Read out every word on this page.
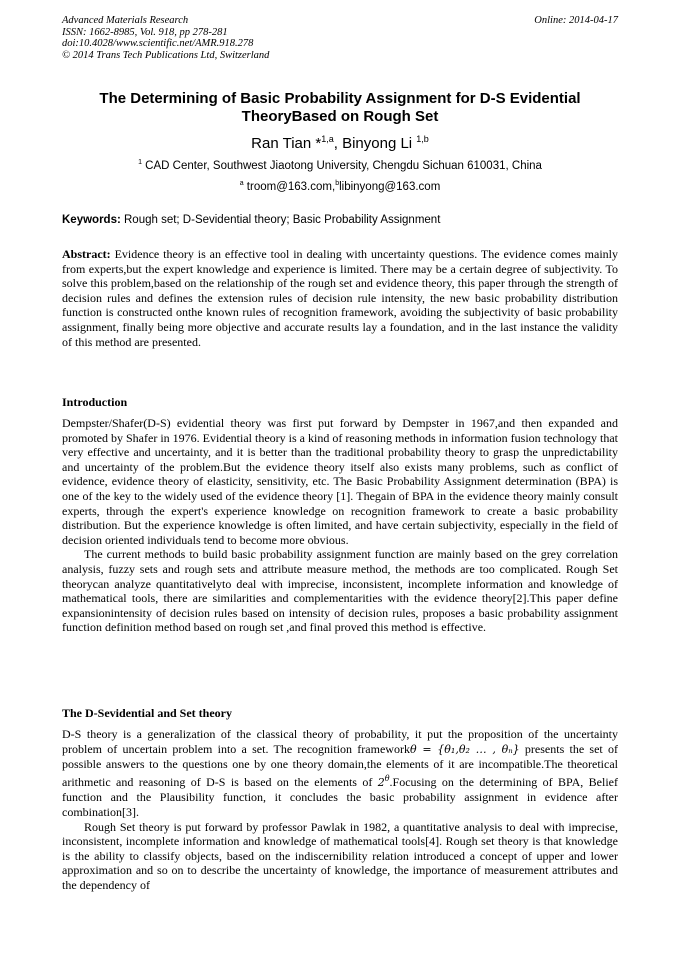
Advanced Materials Research
ISSN: 1662-8985, Vol. 918, pp 278-281
doi:10.4028/www.scientific.net/AMR.918.278
© 2014 Trans Tech Publications Ltd, Switzerland
Online: 2014-04-17
The Determining of Basic Probability Assignment for D-S Evidential
TheoryBased on Rough Set
Ran Tian *$^{1,a}$, Binyong Li $^{1,b}$
$^1$ CAD Center, Southwest Jiaotong University, Chengdu Sichuan 610031, China
$^a$ troom@163.com,$^b$libinyong@163.com
Keywords: Rough set; D-Sevidential theory; Basic Probability Assignment
Abstract: Evidence theory is an effective tool in dealing with uncertainty questions. The evidence comes mainly from experts,but the expert knowledge and experience is limited. There may be a certain degree of subjectivity. To solve this problem,based on the relationship of the rough set and evidence theory, this paper through the strength of decision rules and defines the extension rules of decision rule intensity, the new basic probability distribution function is constructed onthe known rules of recognition framework, avoiding the subjectivity of basic probability assignment, finally being more objective and accurate results lay a foundation, and in the last instance the validity of this method are presented.
Introduction

Dempster/Shafer(D-S) evidential theory was first put forward by Dempster in 1967,and then expanded and promoted by Shafer in 1976. Evidential theory is a kind of reasoning methods in information fusion technology that very effective and uncertainty, and it is better than the traditional probability theory to grasp the unpredictability and uncertainty of the problem.But the evidence theory itself also exists many problems, such as conflict of evidence, evidence theory of elasticity, sensitivity, etc. The Basic Probability Assignment determination (BPA) is one of the key to the widely used of the evidence theory [1]. Thegain of BPA in the evidence theory mainly consult experts, through the expert's experience knowledge on recognition framework to create a basic probability distribution. But the experience knowledge is often limited, and have certain subjectivity, especially in the field of decision oriented individuals tend to become more obvious.

The current methods to build basic probability assignment function are mainly based on the grey correlation analysis, fuzzy sets and rough sets and attribute measure method, the methods are too complicated. Rough Set theorycan analyze quantitativelyto deal with imprecise, inconsistent, incomplete information and knowledge of mathematical tools, there are similarities and complementarities with the evidence theory[2].This paper define expansionintensity of decision rules based on intensity of decision rules, proposes a basic probability assignment function definition method based on rough set ,and final proved this method is effective.

The D-Sevidential and Set theory

D-S theory is a generalization of the classical theory of probability, it put the proposition of the uncertainty problem of uncertain problem into a set. The recognition frameworkθ = {θ₁,θ₂ … , θₙ} presents the set of possible answers to the questions one by one theory domain,the elements of it are incompatible.The theoretical arithmetic and reasoning of D-S is based on the elements of $2^\theta.Focusing$ on the determining of BPA, Belief function and the Plausibility function, it concludes the basic probability assignment in evidence after combination[3].

Rough Set theory is put forward by professor Pawlak in 1982, a quantitative analysis to deal with imprecise, inconsistent, incomplete information and knowledge of mathematical tools[4]. Rough set theory is that knowledge is the ability to classify objects, based on the indiscernibility relation introduced a concept of upper and lower approximation and so on to describe the uncertainty of knowledge, the importance of measurement attributes and the dependency of
